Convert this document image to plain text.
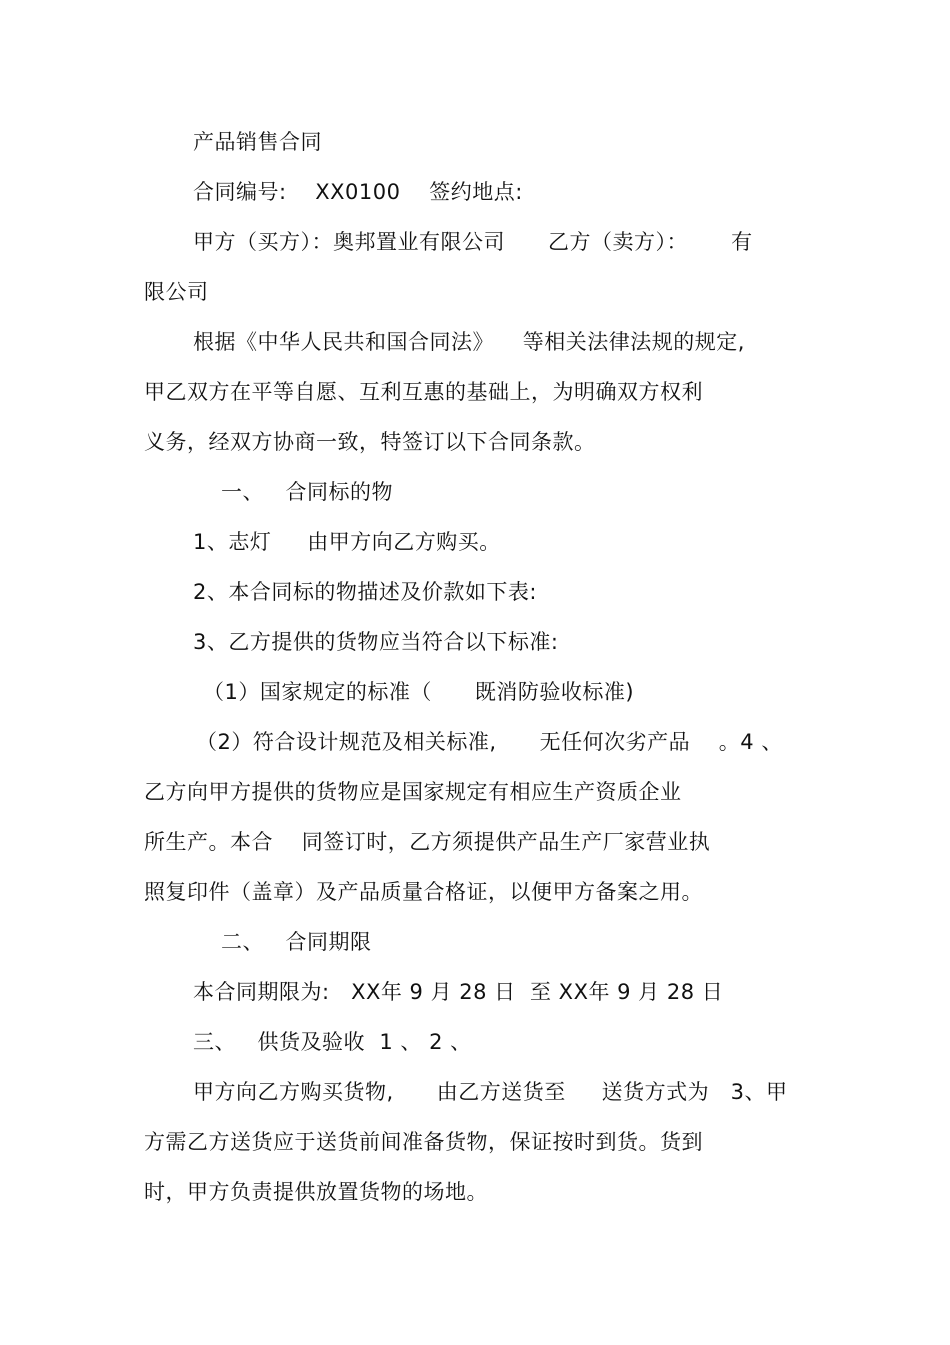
产品销售合同
合同编号:    XX0100    签约地点:
甲方（买方）：奥邦置业有限公司      乙方（卖方）：      有
限公司
根据《中华人民共和国合同法》    等相关法律法规的规定,
甲乙双方在平等自愿、互利互惠的基础上，为明确双方权利
义务，经双方协商一致，特签订以下合同条款。
一、   合同标的物
1、志灯     由甲方向乙方购买。
2、本合同标的物描述及价款如下表:
3、乙方提供的货物应当符合以下标准:
（1）国家规定的标准（      既消防验收标准)
（2）符合设计规范及相关标准,      无任何次劣产品    。4 、
乙方向甲方提供的货物应是国家规定有相应生产资质企业
所生产。本合    同签订时，乙方须提供产品生产厂家营业执
照复印件（盖章）及产品质量合格证，以便甲方备案之用。
二、   合同期限
本合同期限为:   XX年 9 月 28 日  至 XX年 9 月 28 日
三、   供货及验收  1 、 2 、
甲方向乙方购买货物,      由乙方送货至     送货方式为   3、甲
方需乙方送货应于送货前间准备货物，保证按时到货。货到
时，甲方负责提供放置货物的场地。
